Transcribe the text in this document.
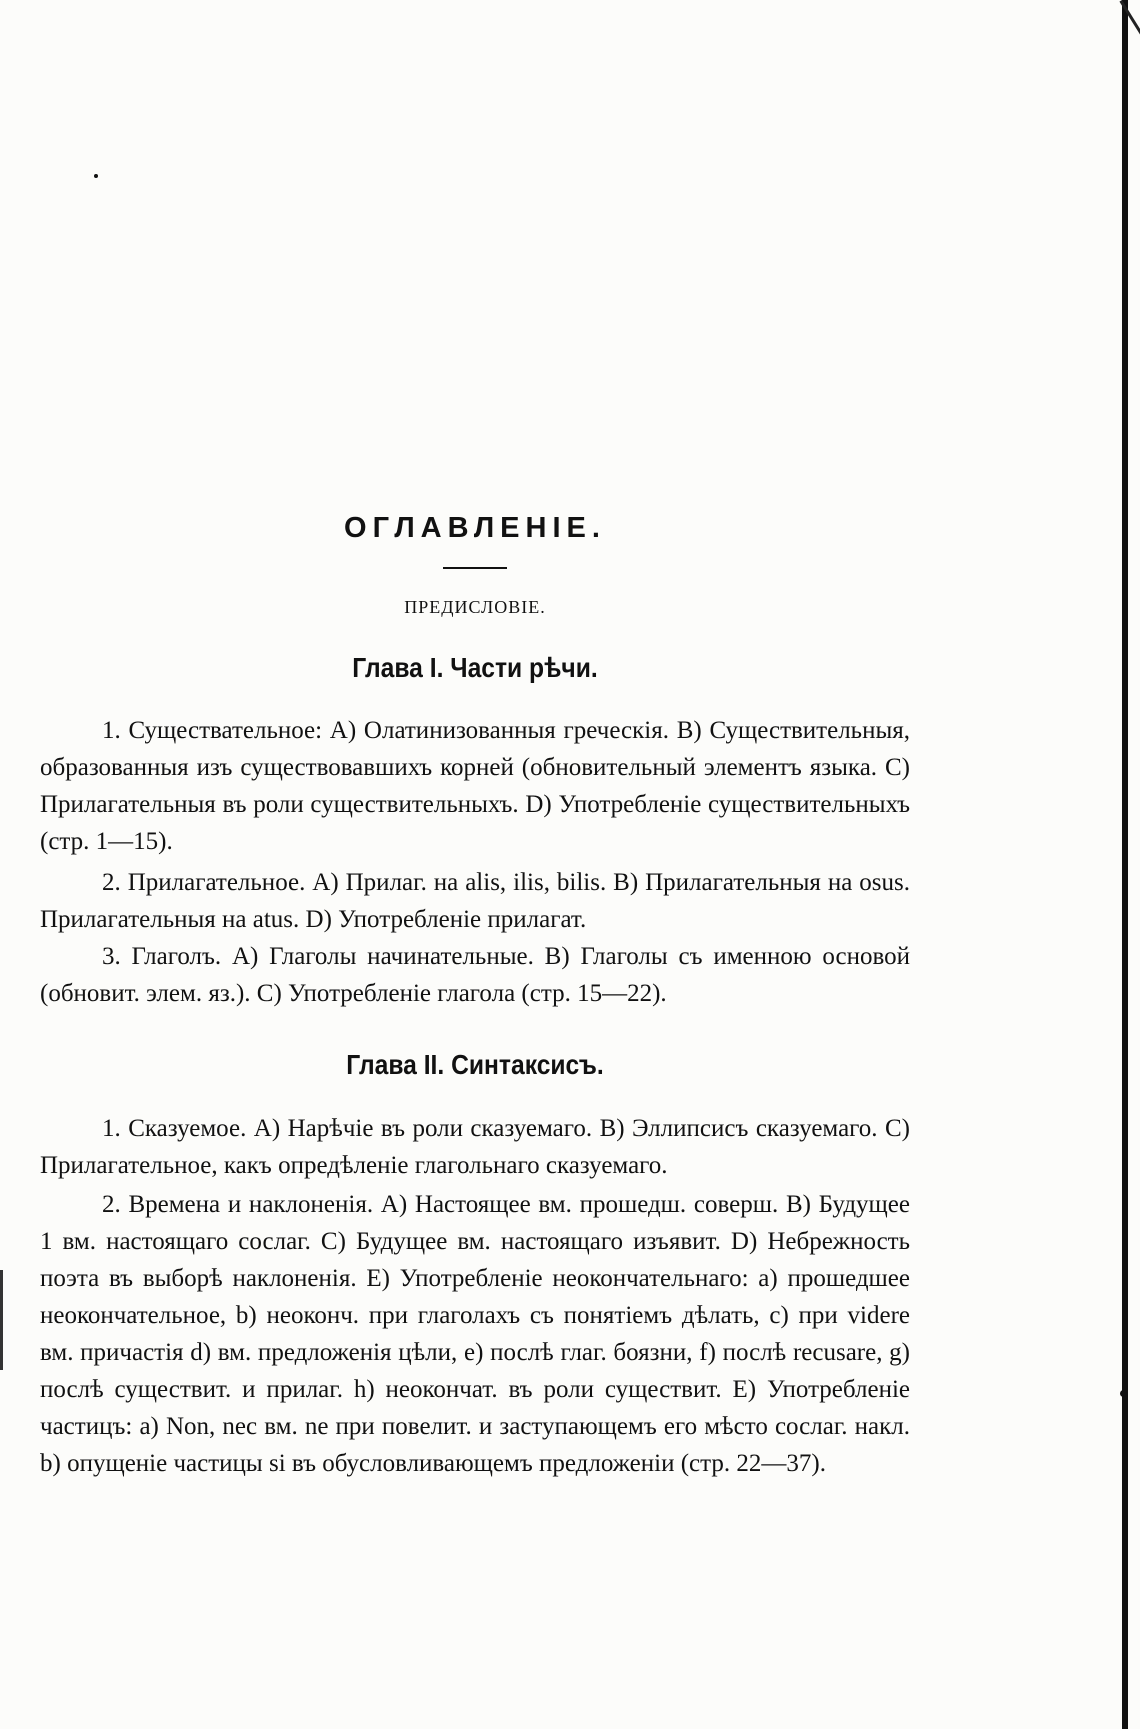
ОГЛАВЛЕНІЕ.
ПРЕДИСЛОВІЕ.
Глава I. Части рѣчи.

1. Существательное: A) Олатинизованныя греческія. B) Существительныя, образованныя изъ существовавшихъ корней (обновительный элементъ языка. C) Прилагательныя въ роли существительныхъ. D) Употребленіе существительныхъ (стр. 1—15).

2. Прилагательное. A) Прилаг. на alis, ilis, bilis. B) Прилагательныя на osus. Прилагательныя на atus. D) Употребленіе прилагат.

3. Глаголъ. A) Глаголы начинательные. B) Глаголы съ именною основой (обновит. элем. яз.). C) Употребленіе глагола (стр. 15—22).

Глава II. Синтаксисъ.

1. Сказуемое. A) Нарѣчіе въ роли сказуемаго. B) Эллипсисъ сказуемаго. C) Прилагательное, какъ опредѣленіе глагольнаго сказуемаго.

2. Времена и наклоненія. A) Настоящее вм. прошедш. соверш. B) Будущее 1 вм. настоящаго сослаг. C) Будущее вм. настоящаго изъявит. D) Небрежность поэта въ выборѣ наклоненія. E) Употребленіе неокончательнаго: a) прошедшее неокончательное, b) неоконч. при глаголахъ съ понятіемъ дѣлать, c) при videre вм. причастія d) вм. предложенія цѣли, e) послѣ глаг. боязни, f) послѣ recusare, g) послѣ существит. и прилаг. h) неокончат. въ роли существит. E) Употребленіе частицъ: a) Non, nec вм. ne при повелит. и заступающемъ его мѣсто сослаг. накл. b) опущеніе частицы si въ обусловливающемъ предложеніи (стр. 22—37).
